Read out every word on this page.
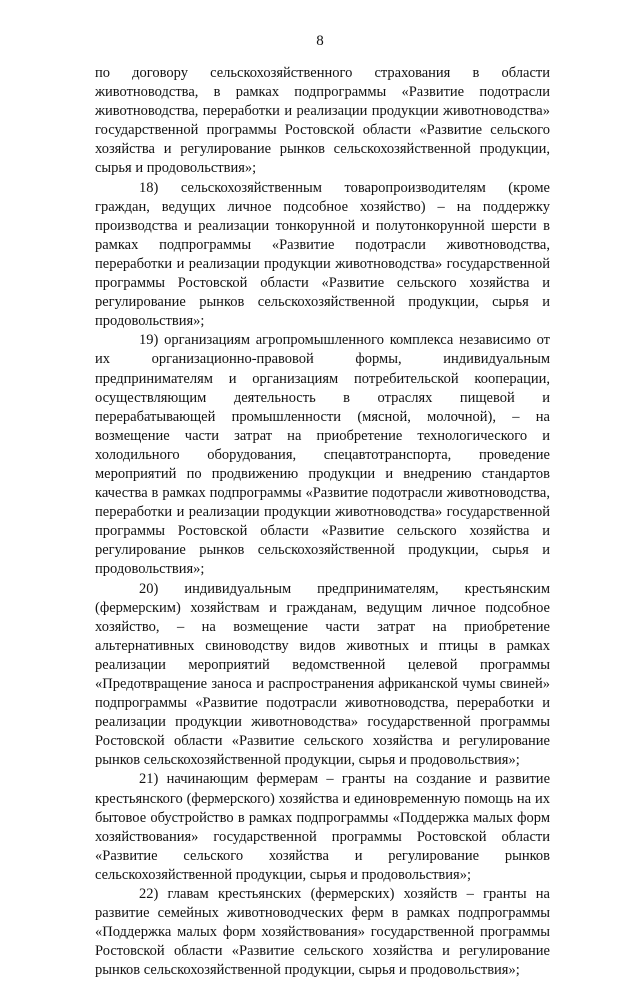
8

по договору сельскохозяйственного страхования в области животноводства, в рамках подпрограммы «Развитие подотрасли животноводства, переработки и реализации продукции животноводства» государственной программы Ростовской области «Развитие сельского хозяйства и регулирование рынков сельскохозяйственной продукции, сырья и продовольствия»;

18) сельскохозяйственным товаропроизводителям (кроме граждан, ведущих личное подсобное хозяйство) – на поддержку производства и реализации тонкорунной и полутонкорунной шерсти в рамках подпрограммы «Развитие подотрасли животноводства, переработки и реализации продукции животноводства» государственной программы Ростовской области «Развитие сельского хозяйства и регулирование рынков сельскохозяйственной продукции, сырья и продовольствия»;

19) организациям агропромышленного комплекса независимо от их организационно-правовой формы, индивидуальным предпринимателям и организациям потребительской кооперации, осуществляющим деятельность в отраслях пищевой и перерабатывающей промышленности (мясной, молочной), – на возмещение части затрат на приобретение технологического и холодильного оборудования, спецавтотранспорта, проведение мероприятий по продвижению продукции и внедрению стандартов качества в рамках подпрограммы «Развитие подотрасли животноводства, переработки и реализации продукции животноводства» государственной программы Ростовской области «Развитие сельского хозяйства и регулирование рынков сельскохозяйственной продукции, сырья и продовольствия»;

20) индивидуальным предпринимателям, крестьянским (фермерским) хозяйствам и гражданам, ведущим личное подсобное хозяйство, – на возмещение части затрат на приобретение альтернативных свиноводству видов животных и птицы в рамках реализации мероприятий ведомственной целевой программы «Предотвращение заноса и распространения африканской чумы свиней» подпрограммы «Развитие подотрасли животноводства, переработки и реализации продукции животноводства» государственной программы Ростовской области «Развитие сельского хозяйства и регулирование рынков сельскохозяйственной продукции, сырья и продовольствия»;

21) начинающим фермерам – гранты на создание и развитие крестьянского (фермерского) хозяйства и единовременную помощь на их бытовое обустройство в рамках подпрограммы «Поддержка малых форм хозяйствования» государственной программы Ростовской области «Развитие сельского хозяйства и регулирование рынков сельскохозяйственной продукции, сырья и продовольствия»;

22) главам крестьянских (фермерских) хозяйств – гранты на развитие семейных животноводческих ферм в рамках подпрограммы «Поддержка малых форм хозяйствования» государственной программы Ростовской области «Развитие сельского хозяйства и регулирование рынков сельскохозяйственной продукции, сырья и продовольствия»;
